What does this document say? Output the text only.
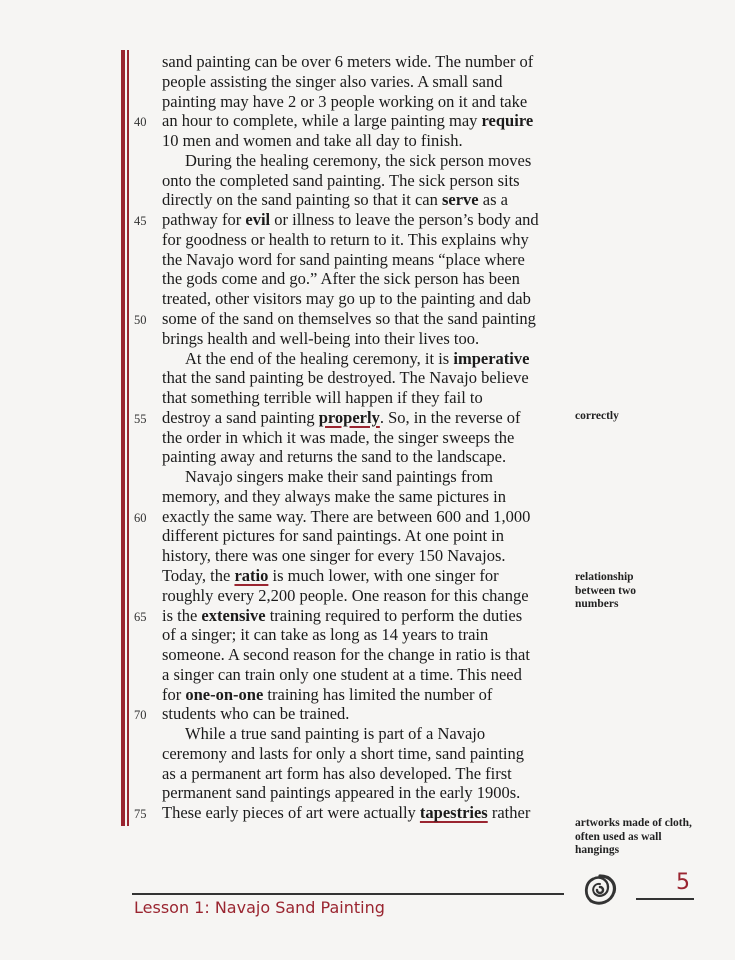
sand painting can be over 6 meters wide. The number of
people assisting the singer also varies. A small sand
painting may have 2 or 3 people working on it and take
an hour to complete, while a large painting may require
40
10 men and women and take all day to finish.
During the healing ceremony, the sick person moves
onto the completed sand painting. The sick person sits
directly on the sand painting so that it can serve as a
pathway for evil or illness to leave the person’s body and
45
for goodness or health to return to it. This explains why
the Navajo word for sand painting means “place where
the gods come and go.” After the sick person has been
treated, other visitors may go up to the painting and dab
some of the sand on themselves so that the sand painting
50
brings health and well-being into their lives too.
At the end of the healing ceremony, it is imperative
that the sand painting be destroyed. The Navajo believe
that something terrible will happen if they fail to
destroy a sand painting properly. So, in the reverse of
55
the order in which it was made, the singer sweeps the
painting away and returns the sand to the landscape.
Navajo singers make their sand paintings from
memory, and they always make the same pictures in
exactly the same way. There are between 600 and 1,000
60
different pictures for sand paintings. At one point in
history, there was one singer for every 150 Navajos.
Today, the ratio is much lower, with one singer for
roughly every 2,200 people. One reason for this change
is the extensive training required to perform the duties
65
of a singer; it can take as long as 14 years to train
someone. A second reason for the change in ratio is that
a singer can train only one student at a time. This need
for one-on-one training has limited the number of
students who can be trained.
70
While a true sand painting is part of a Navajo
ceremony and lasts for only a short time, sand painting
as a permanent art form has also developed. The first
permanent sand paintings appeared in the early 1900s.
These early pieces of art were actually tapestries rather
75
correctly
relationship between two numbers
artworks made of cloth, often used as wall hangings
Lesson 1: Navajo Sand Painting
5
